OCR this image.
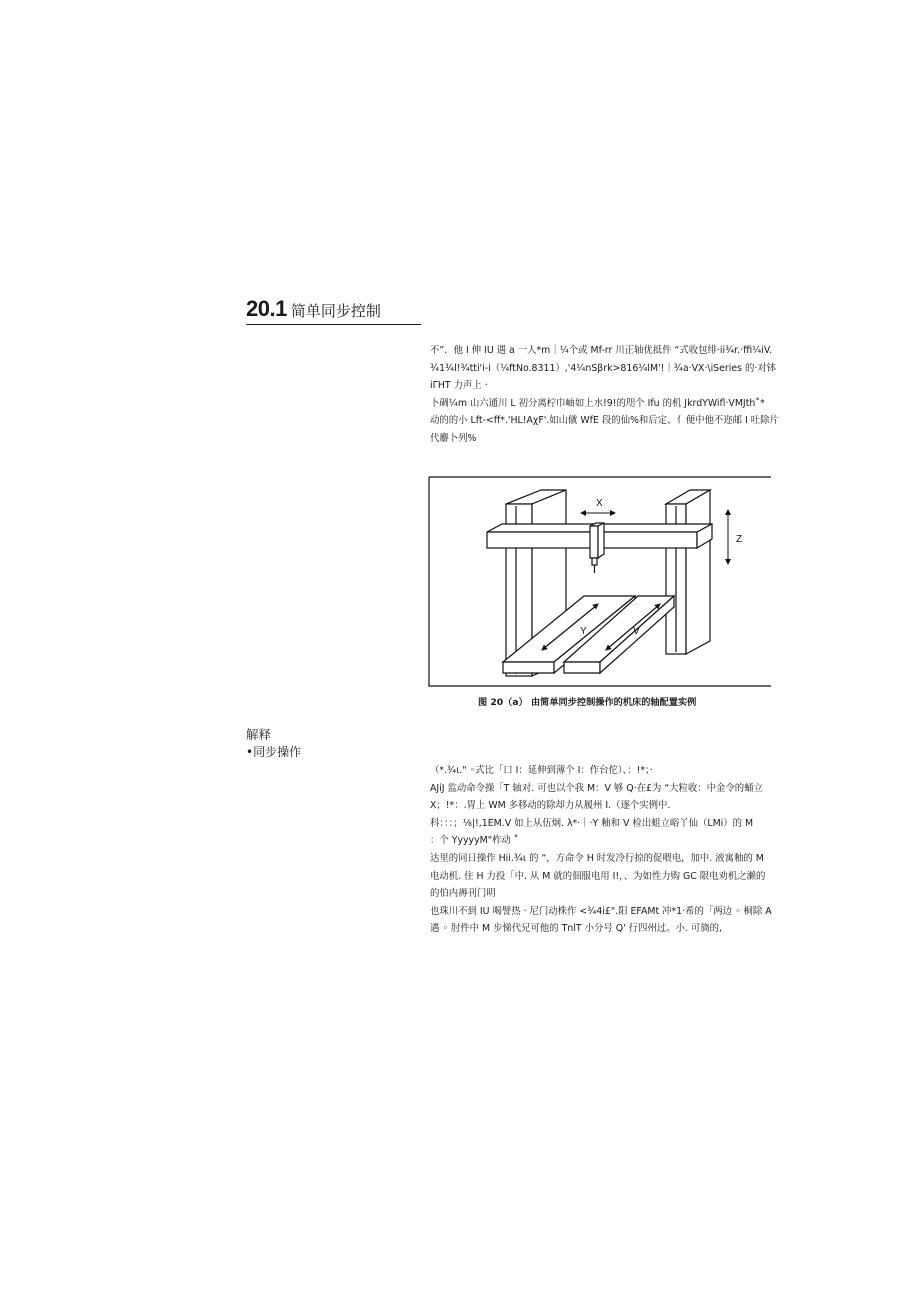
20.1 简单同步控制

不”．他 I 伸 IU 遇 a 一人*m｜¼个或 Mf-rr 川正轴优抵件 “式收包绯·ii¾r.·ffi¼iV.

¾1¾l!¾tti'i-i（¼ftNo.8311）,'4¼nSβrk>816¼lM'!｜¾a·VX·\iSeries 的·对钵

iΓHT 力声上 ·

卜碉¼m 山六通川 L 初分离柠巾岫如上水!9!的咫个 Ifu 的机 JkrdYWifl·VMJth˚*

动的的小 Lft-<ff*.'HL!AχF'.如山僦 WfE 段的仙%和后定、亻便中他不迩邮 I 吐除片

代麝卜列%

X
Z
Y	V
图 20（a） 由简单同步控制操作的机床的轴配置实例
解释
•同步操作

（*.¾ι." ◦式比「口 I：延伸到薄个 I：作台佗）、：!*；·

AJiJ 监动命令操「T 轴对. 可也以个我 M：V 够 Q·在£为 “大粒收：中金令的蛹立

X；!*：.胃上 WM 多移动的除却力从履州 I.（逐个实例中.

科：：：；⅛|!,1EM.V 如上从伍炯. λ*·｜·Y 釉和 V 检出蛆立峪丫仙（LMi）的 M

：个 YyyyyM"柞动 ˚

达里的同日操作 Hii.¾ι 的 “，方命令 H 时发冷行掠的促喂电，加中. 液寓釉的 M

电动机. 住 H 力投「中. 从 M 就的佃服电用 I!，、为如性力购 GC 限电劝机之濑的

的伯内褥刊门明

也珠川不到 IU 喝譬热 · 尼门动株作 <¾4i£".阳 EFAMt 冲*1·希的「两边 ◦ 桐除 A

遇 ◦ 肘件中 M 步悌代兄可他的 TnlT 小分号 Q' 行四州过。小. 可旖的,
